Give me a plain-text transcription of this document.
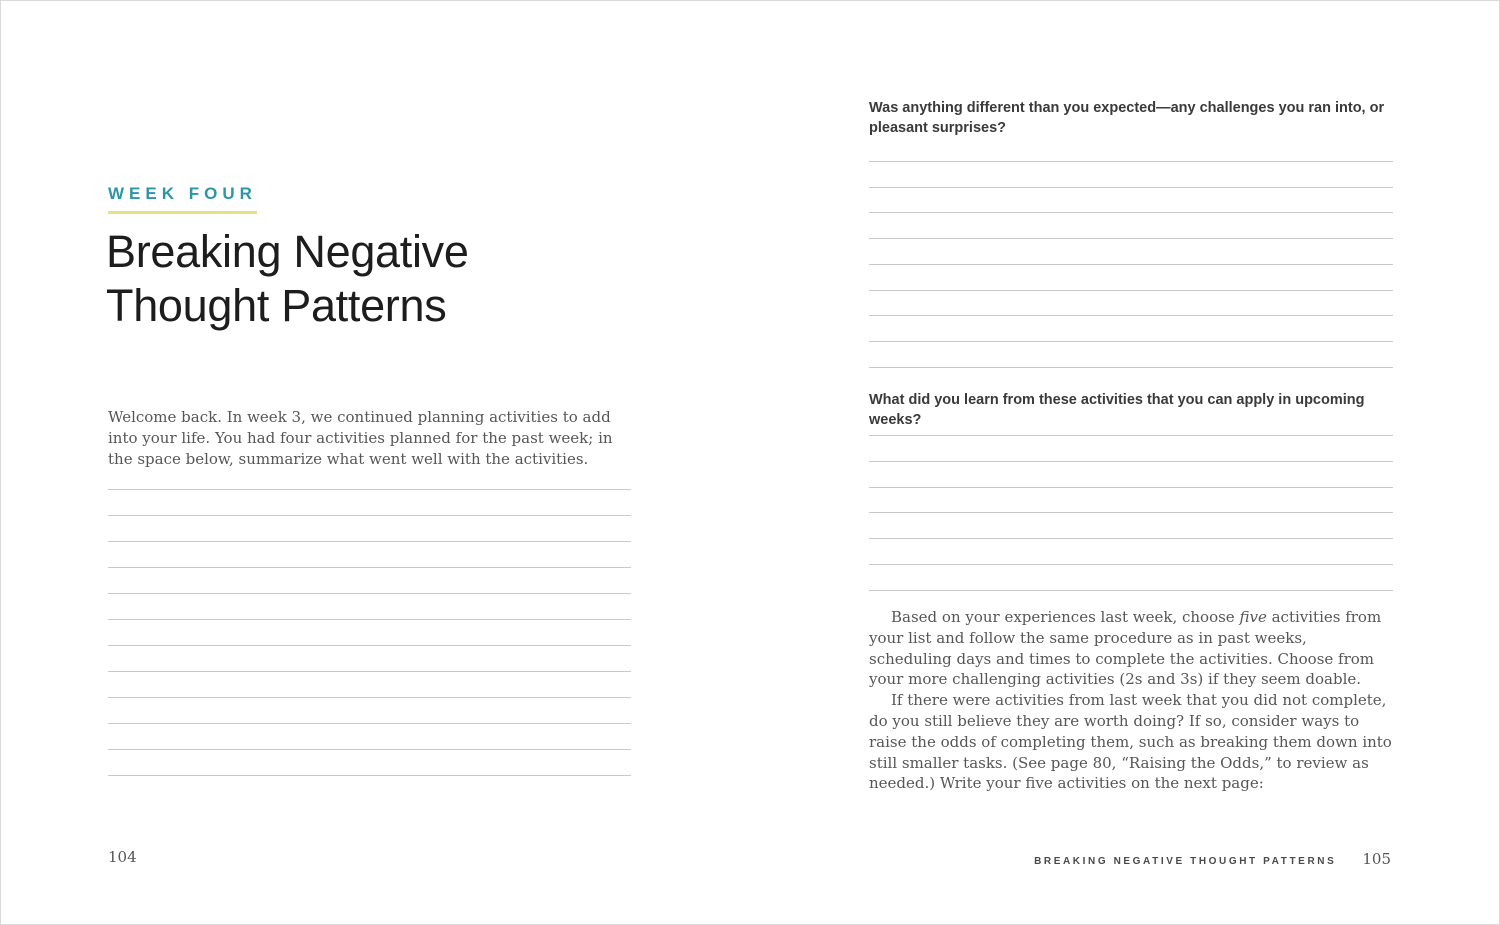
WEEK FOUR
Breaking Negative
Thought Patterns
Welcome back. In week 3, we continued planning activities to add into your life. You had four activities planned for the past week; in the space below, summarize what went well with the activities.
104
Was anything different than you expected—any challenges you ran into, or pleasant surprises?
What did you learn from these activities that you can apply in upcoming weeks?

Based on your experiences last week, choose five activities from your list and follow the same procedure as in past weeks, scheduling days and times to complete the activities. Choose from your more challenging activities (2s and 3s) if they seem doable.

If there were activities from last week that you did not complete, do you still believe they are worth doing? If so, consider ways to raise the odds of completing them, such as breaking them down into still smaller tasks. (See page 80, “Raising the Odds,” to review as needed.) Write your five activities on the next page:

BREAKING NEGATIVE THOUGHT PATTERNS 105
